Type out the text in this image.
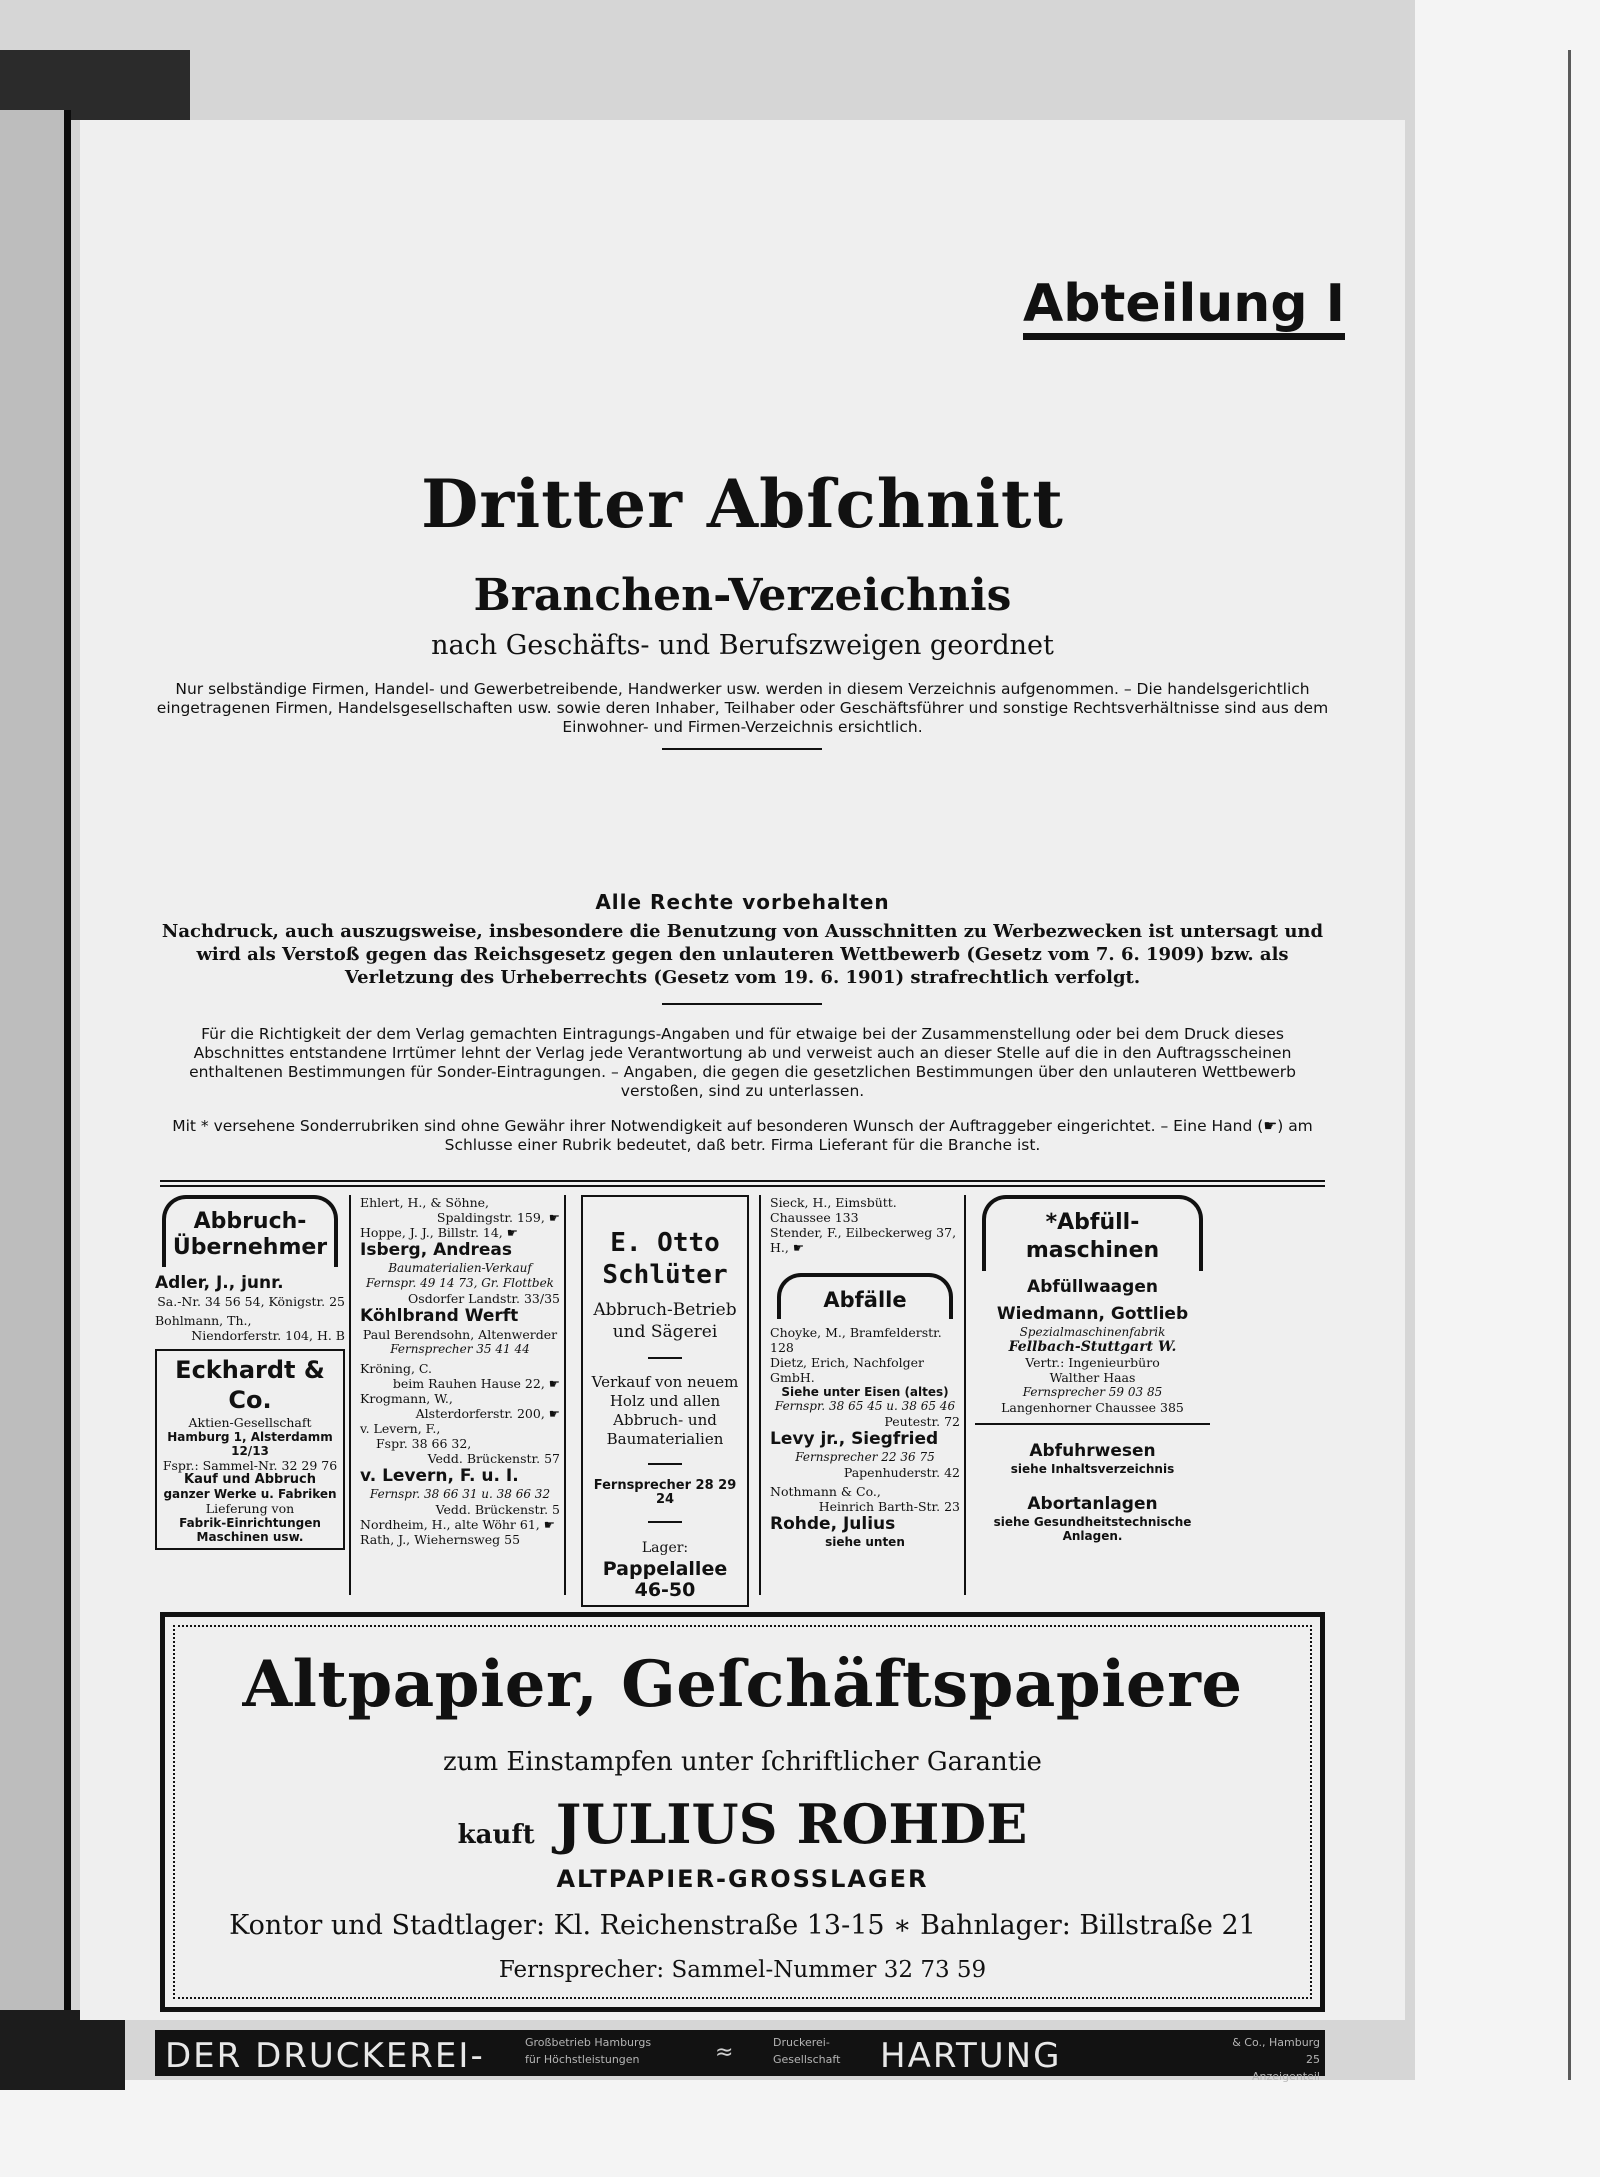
Abteilung I
Dritter Abſchnitt
Branchen-Verzeichnis
nach Geschäfts- und Berufszweigen geordnet
Nur selbständige Firmen, Handel- und Gewerbetreibende, Handwerker usw. werden in diesem Verzeichnis aufgenommen. – Die handelsgerichtlich eingetragenen Firmen, Handelsgesellschaften usw. sowie deren Inhaber, Teilhaber oder Geschäftsführer und sonstige Rechtsverhältnisse sind aus dem Einwohner- und Firmen-Verzeichnis ersichtlich.
Alle Rechte vorbehalten
Nachdruck, auch auszugsweise, insbesondere die Benutzung von Ausschnitten zu Werbezwecken ist untersagt und wird als Verstoß gegen das Reichsgesetz gegen den unlauteren Wettbewerb (Gesetz vom 7. 6. 1909) bzw. als Verletzung des Urheberrechts (Gesetz vom 19. 6. 1901) strafrechtlich verfolgt.
Für die Richtigkeit der dem Verlag gemachten Eintragungs-Angaben und für etwaige bei der Zusammenstellung oder bei dem Druck dieses Abschnittes entstandene Irrtümer lehnt der Verlag jede Verantwortung ab und verweist auch an dieser Stelle auf die in den Auftragsscheinen enthaltenen Bestimmungen für Sonder-Eintragungen. – Angaben, die gegen die gesetzlichen Bestimmungen über den unlauteren Wettbewerb verstoßen, sind zu unterlassen.
Mit * versehene Sonderrubriken sind ohne Gewähr ihrer Notwendigkeit auf besonderen Wunsch der Auftraggeber eingerichtet. – Eine Hand (☛) am Schlusse einer Rubrik bedeutet, daß betr. Firma Lieferant für die Branche ist.
Abbruch-Übernehmer
Adler, J., junr.
Sa.-Nr. 34 56 54, Königstr. 25
Bohlmann, Th.,
Niendorferstr. 104, H. B
Eckhardt & Co.
Aktien-Gesellschaft
Hamburg 1, Alsterdamm 12/13
Fspr.: Sammel-Nr. 32 29 76
Kauf und Abbruch
ganzer Werke u. Fabriken
Lieferung von
Fabrik-Einrichtungen
Maschinen usw.
Ehlert, H., & Söhne,
Spaldingstr. 159, ☛
Hoppe, J. J., Billstr. 14, ☛
Isberg, Andreas
Baumaterialien-Verkauf
Fernspr. 49 14 73, Gr. Flottbek
Osdorfer Landstr. 33/35
Köhlbrand Werft
Paul Berendsohn, Altenwerder
Fernsprecher 35 41 44
Kröning, C.
beim Rauhen Hause 22, ☛
Krogmann, W.,
Alsterdorferstr. 200, ☛
v. Levern, F.,
Fspr. 38 66 32,
Vedd. Brückenstr. 57
v. Levern, F. u. I.
Fernspr. 38 66 31 u. 38 66 32
Vedd. Brückenstr. 5
Nordheim, H., alte Wöhr 61, ☛
Rath, J., Wiehernsweg 55
E. Otto Schlüter
Abbruch-Betrieb
und Sägerei
Verkauf von neuem
Holz und allen
Abbruch- und
Baumaterialien
Fernsprecher 28 29 24
Lager:
Pappelallee 46-50
Sieck, H., Eimsbütt. Chaussee 133
Stender, F., Eilbeckerweg 37, H., ☛
Abfälle
Choyke, M., Bramfelderstr. 128
Dietz, Erich, Nachfolger GmbH.
Siehe unter Eisen (altes)
Fernspr. 38 65 45 u. 38 65 46
Peutestr. 72
Levy jr., Siegfried
Fernsprecher 22 36 75
Papenhuderstr. 42
Nothmann & Co.,
Heinrich Barth-Str. 23
Rohde, Julius
siehe unten
*Abfüll-maschinen
Abfüllwaagen
Wiedmann, Gottlieb
Spezialmaschinenfabrik
Fellbach-Stuttgart W.
Vertr.: Ingenieurbüro
Walther Haas
Fernsprecher 59 03 85
Langenhorner Chaussee 385
Abfuhrwesen
siehe Inhaltsverzeichnis
Abortanlagen
siehe Gesundheitstechnische Anlagen.
Altpapier, Geſchäftspapiere
zum Einstampfen unter ſchriftlicher Garantie
kauft JULIUS ROHDE
ALTPAPIER-GROSSLAGER
Kontor und Stadtlager: Kl. Reichenstraße 13-15 ∗ Bahnlager: Billstraße 21
Fernsprecher: Sammel-Nummer 32 73 59
DER DRUCKEREI-	Großbetrieb Hamburgs
für Höchstleistungen	≈	Druckerei-
Gesellschaft HARTUNG	& Co., Hamburg 25
Anzeigenteil
